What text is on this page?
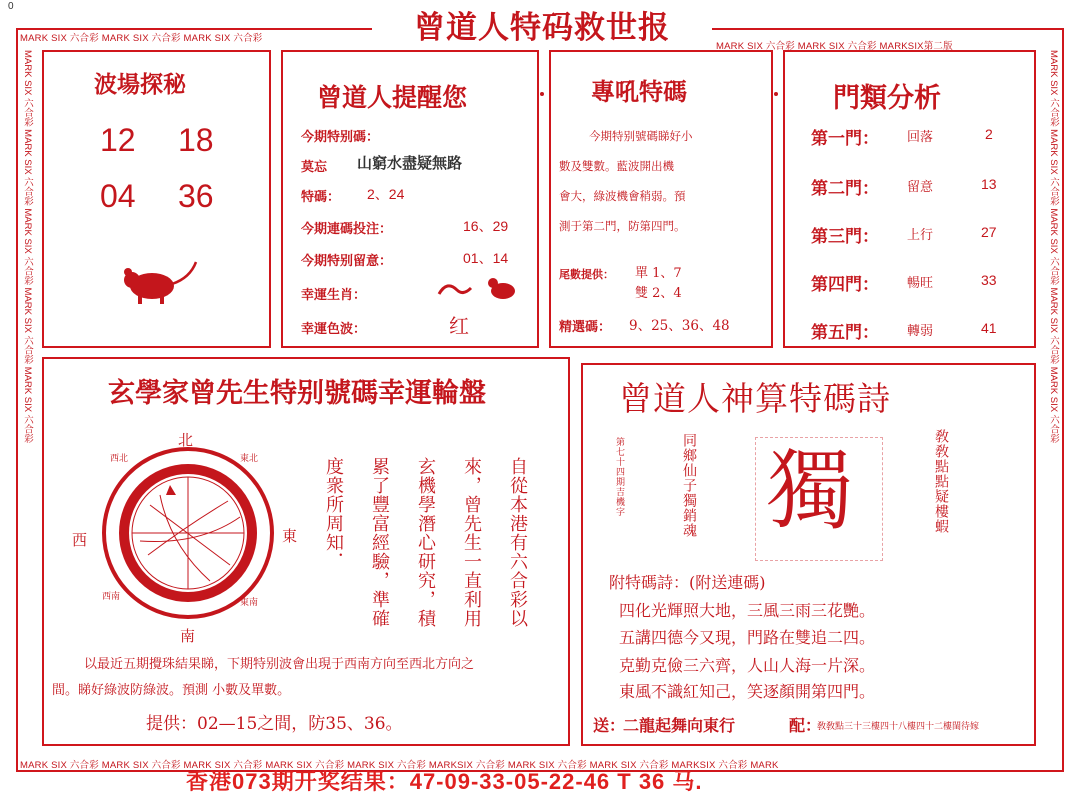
0
MARK SIX 六合彩 MARK SIX 六合彩 MARK SIX 六合彩
MARK SIX 六合彩 MARK SIX 六合彩 MARKSIX第二版
MARK SIX 六合彩 MARK SIX 六合彩 MARK SIX 六合彩 MARK SIX 六合彩 MARK SIX 六合彩 MARKSIX 六合彩 MARK SIX 六合彩 MARK SIX 六合彩 MARKSIX 六合彩 MARK
MARK SIX 六合彩 MARK SIX 六合彩 MARK SIX 六合彩 MARK SIX 六合彩 MARK SIX 六合彩	MARK SIX 六合彩 MARK SIX 六合彩 MARK SIX 六合彩 MARK SIX 六合彩 MARK SIX 六合彩
曾道人特码救世报
波場探秘
12 18
04 36
曾道人提醒您
今期特别碼：
莫忘 山窮水盡疑無路
特碼： 2、24
今期連碼投注：	16、29
今期特别留意：	01、14
幸運生肖：
幸運色波：	红
專吼特碼
今期特别號碼睇好小
數及雙數。藍波開出機
會大，綠波機會稍弱。預
測于第二門，防第四門。
尾數提供： 單 1、7
雙 2、4
精選碼： 9、25、36、48
門類分析
第一門： 回落	2
第二門： 留意	13
第三門： 上行	27
第四門： 暢旺	33
第五門： 轉弱	41
玄學家曾先生特别號碼幸運輪盤
北
南
西	東
西北	東北
西南
東南	自從本港有六合彩以
來，曾先生一直利用
玄機學潛心研究，積
累了豐富經驗，準確
度衆所周知．
以最近五期攪珠結果睇，下期特别波會出現于西南方向至西北方向之
間。睇好綠波防綠波。預測 小數及單數。
提供：02—15之間，防35、36。
曾道人神算特碼詩
第七十四期吉機字	同鄉仙子獨銷魂 獨	敎敎點點疑樓蝦
附特碼詩：(附送連碼)
四化光輝照大地，三風三雨三花艷。
五講四德今又現，門路在雙追二四。
克勤克儉三六齊，人山人海一片深。
東風不識紅知己，笑逐顏開第四門。
送：
二龍起舞向東行	配：
敎敎點三十三樓四十八樓四十二樓閨待嫁
香港073期开奖结果：47-09-33-05-22-46 T 36 马.
